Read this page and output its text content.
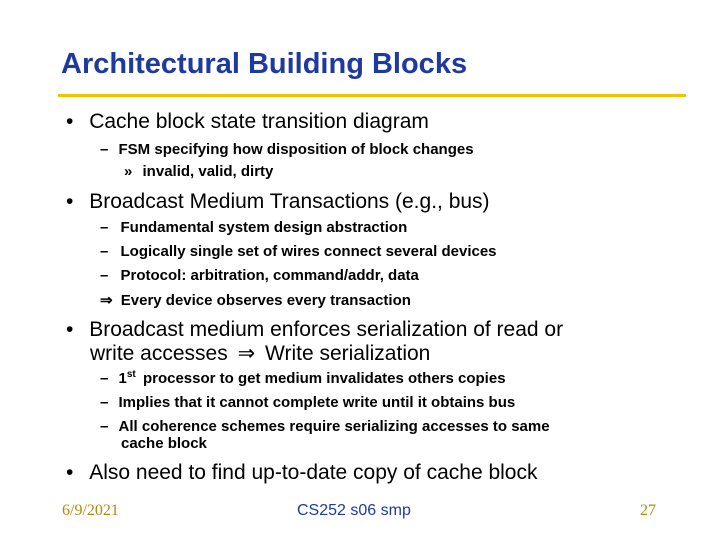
Architectural Building Blocks
• Cache block state transition diagram
– FSM specifying how disposition of block changes
» invalid, valid, dirty
• Broadcast Medium Transactions (e.g., bus)
– Fundamental system design abstraction
– Logically single set of wires connect several devices
– Protocol: arbitration, command/addr, data
⇒ Every device observes every transaction
• Broadcast medium enforces serialization of read or
write accesses ⇒ Write serialization
– 1st processor to get medium invalidates others copies
– Implies that it cannot complete write until it obtains bus
– All coherence schemes require serializing accesses to same
cache block
• Also need to find up-to-date copy of cache block
6/9/2021	CS252 s06 smp	27
